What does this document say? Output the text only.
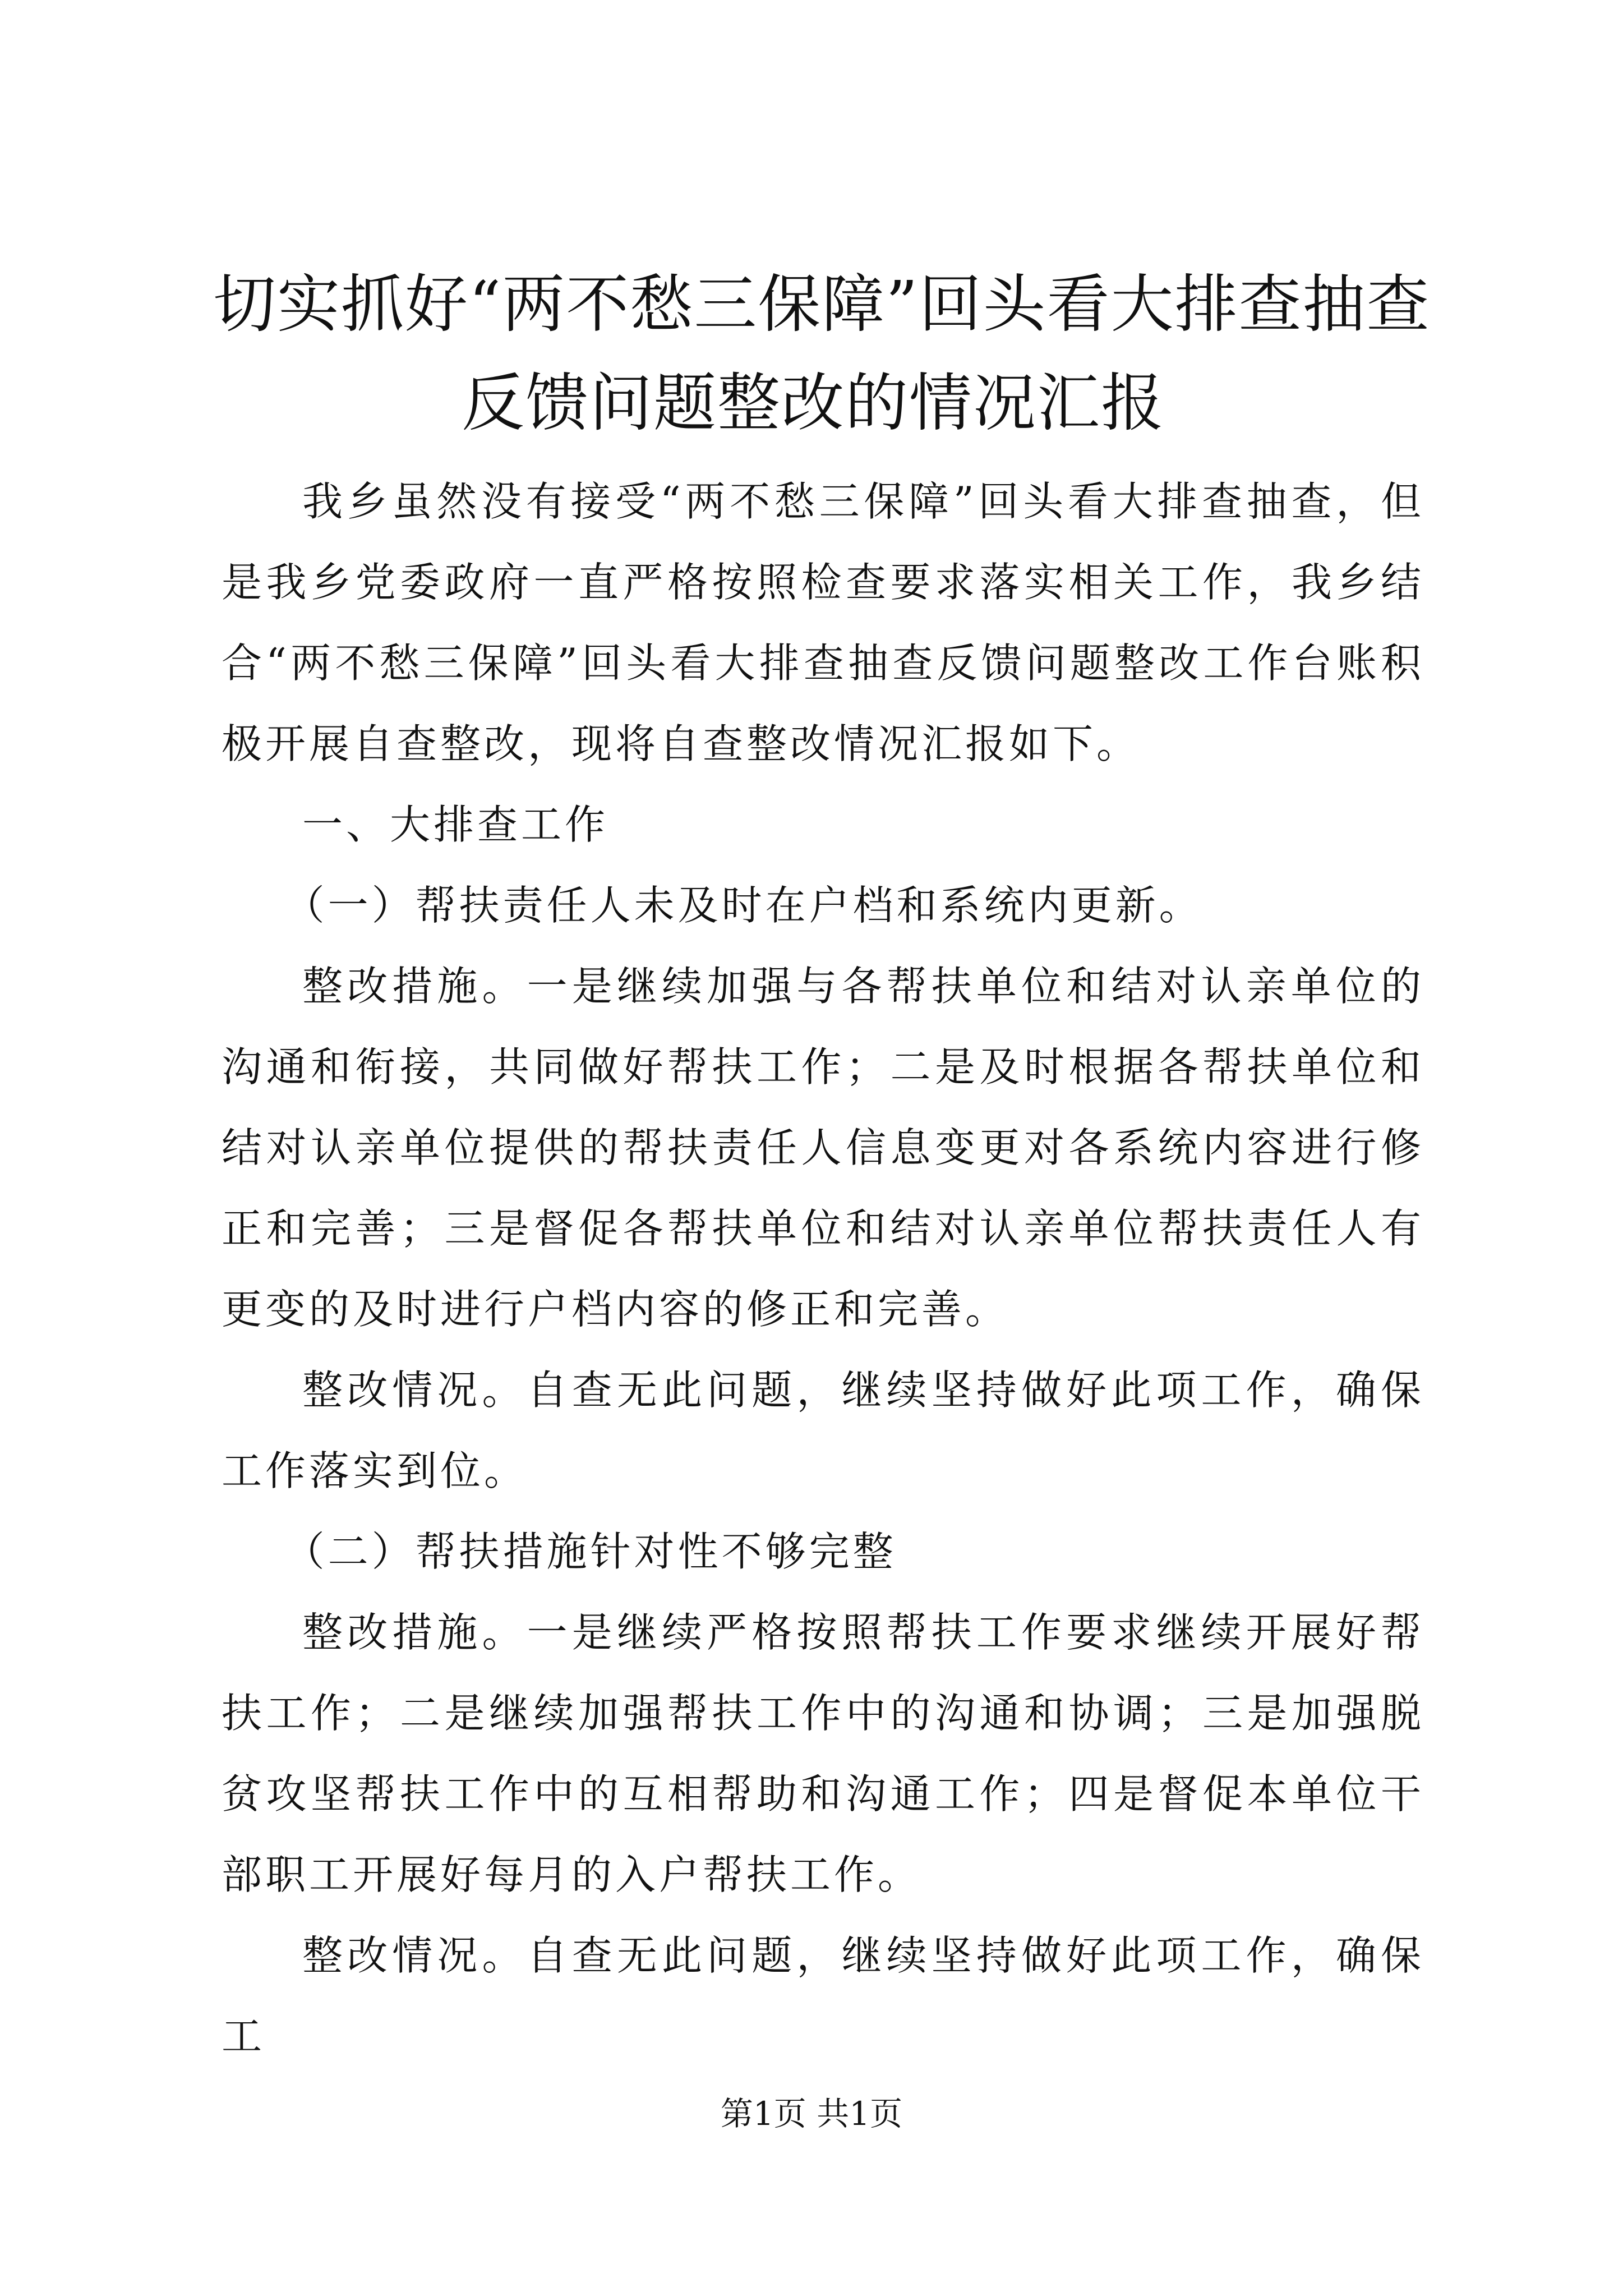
切实抓好“两不愁三保障”回头看大排查抽查
反馈问题整改的情况汇报

我乡虽然没有接受“两不愁三保障”回头看大排查抽查，但是我乡党委政府一直严格按照检查要求落实相关工作，我乡结合“两不愁三保障”回头看大排查抽查反馈问题整改工作台账积极开展自查整改，现将自查整改情况汇报如下。

一、大排查工作

（一）帮扶责任人未及时在户档和系统内更新。

整改措施。一是继续加强与各帮扶单位和结对认亲单位的沟通和衔接，共同做好帮扶工作；二是及时根据各帮扶单位和结对认亲单位提供的帮扶责任人信息变更对各系统内容进行修正和完善；三是督促各帮扶单位和结对认亲单位帮扶责任人有更变的及时进行户档内容的修正和完善。

整改情况。自查无此问题，继续坚持做好此项工作，确保工作落实到位。

（二）帮扶措施针对性不够完整

整改措施。一是继续严格按照帮扶工作要求继续开展好帮扶工作；二是继续加强帮扶工作中的沟通和协调；三是加强脱贫攻坚帮扶工作中的互相帮助和沟通工作；四是督促本单位干部职工开展好每月的入户帮扶工作。

整改情况。自查无此问题，继续坚持做好此项工作，确保工

第1页 共1页
